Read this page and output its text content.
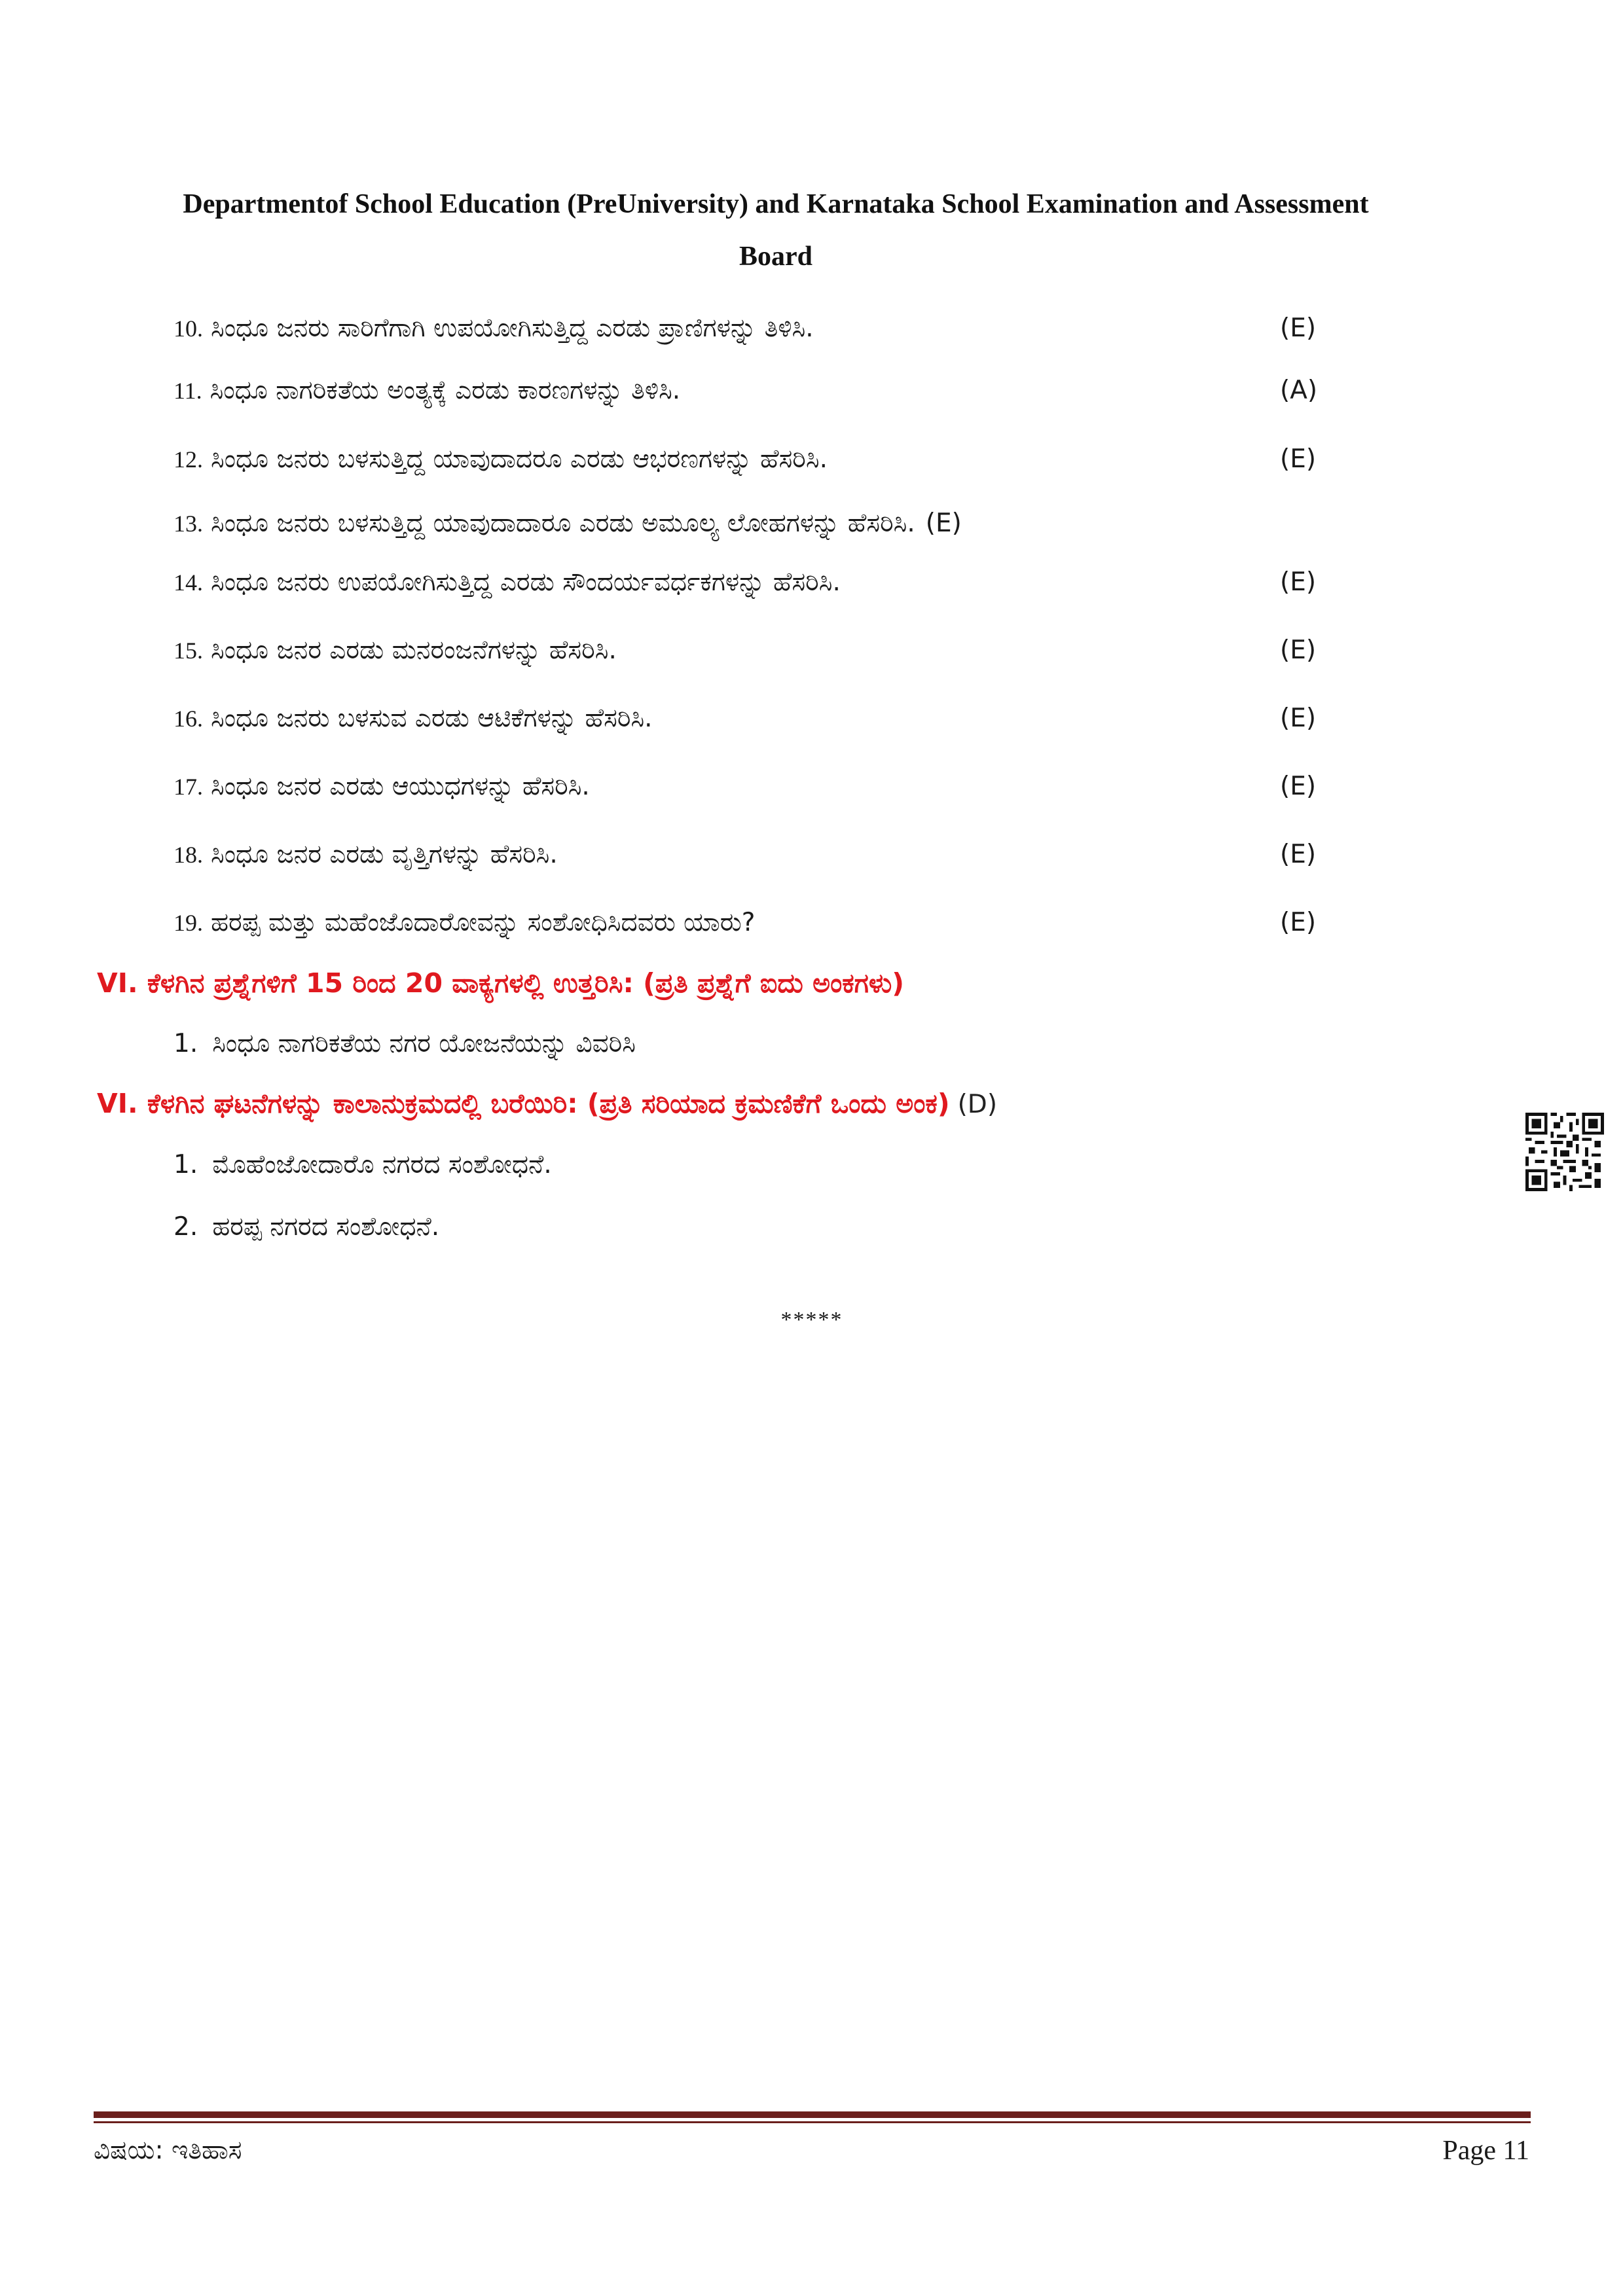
Departmentof School Education (PreUniversity) and Karnataka School Examination and Assessment
Board
10. ಸಿಂಧೂ ಜನರು ಸಾರಿಗೆಗಾಗಿ ಉಪಯೋಗಿಸುತ್ತಿದ್ದ ಎರಡು ಪ್ರಾಣಿಗಳನ್ನು ತಿಳಿಸಿ.	(E)
11. ಸಿಂಧೂ ನಾಗರಿಕತೆಯ ಅಂತ್ಯಕ್ಕೆ ಎರಡು ಕಾರಣಗಳನ್ನು ತಿಳಿಸಿ.	(A)
12. ಸಿಂಧೂ ಜನರು ಬಳಸುತ್ತಿದ್ದ ಯಾವುದಾದರೂ ಎರಡು ಆಭರಣಗಳನ್ನು ಹೆಸರಿಸಿ.	(E)
13. ಸಿಂಧೂ ಜನರು ಬಳಸುತ್ತಿದ್ದ ಯಾವುದಾದಾರೂ ಎರಡು ಅಮೂಲ್ಯ ಲೋಹಗಳನ್ನು ಹೆಸರಿಸಿ. (E)
14. ಸಿಂಧೂ ಜನರು ಉಪಯೋಗಿಸುತ್ತಿದ್ದ ಎರಡು ಸೌಂದರ್ಯವರ್ಧಕಗಳನ್ನು ಹೆಸರಿಸಿ.	(E)
15. ಸಿಂಧೂ ಜನರ ಎರಡು ಮನರಂಜನೆಗಳನ್ನು ಹೆಸರಿಸಿ.	(E)
16. ಸಿಂಧೂ ಜನರು ಬಳಸುವ ಎರಡು ಆಟಿಕೆಗಳನ್ನು ಹೆಸರಿಸಿ.	(E)
17. ಸಿಂಧೂ ಜನರ ಎರಡು ಆಯುಧಗಳನ್ನು ಹೆಸರಿಸಿ.	(E)
18. ಸಿಂಧೂ ಜನರ ಎರಡು ವೃತ್ತಿಗಳನ್ನು ಹೆಸರಿಸಿ.	(E)
19. ಹರಪ್ಪ ಮತ್ತು ಮಹೆಂಜೊದಾರೋವನ್ನು ಸಂಶೋಧಿಸಿದವರು ಯಾರು?	(E)
VI. ಕೆಳಗಿನ ಪ್ರಶ್ನೆಗಳಿಗೆ 15 ರಿಂದ 20 ವಾಕ್ಯಗಳಲ್ಲಿ ಉತ್ತರಿಸಿ: (ಪ್ರತಿ ಪ್ರಶ್ನೆಗೆ ಐದು ಅಂಕಗಳು)
1. ಸಿಂಧೂ ನಾಗರಿಕತೆಯ ನಗರ ಯೋಜನೆಯನ್ನು ವಿವರಿಸಿ
VI. ಕೆಳಗಿನ ಘಟನೆಗಳನ್ನು ಕಾಲಾನುಕ್ರಮದಲ್ಲಿ ಬರೆಯಿರಿ: (ಪ್ರತಿ ಸರಿಯಾದ ಕ್ರಮಣಿಕೆಗೆ ಒಂದು ಅಂಕ) (D)
1. ಮೊಹೆಂಜೋದಾರೊ ನಗರದ ಸಂಶೋಧನೆ.
2. ಹರಪ್ಪ ನಗರದ ಸಂಶೋಧನೆ.
*****
ವಿಷಯ: ಇತಿಹಾಸ	Page 11
